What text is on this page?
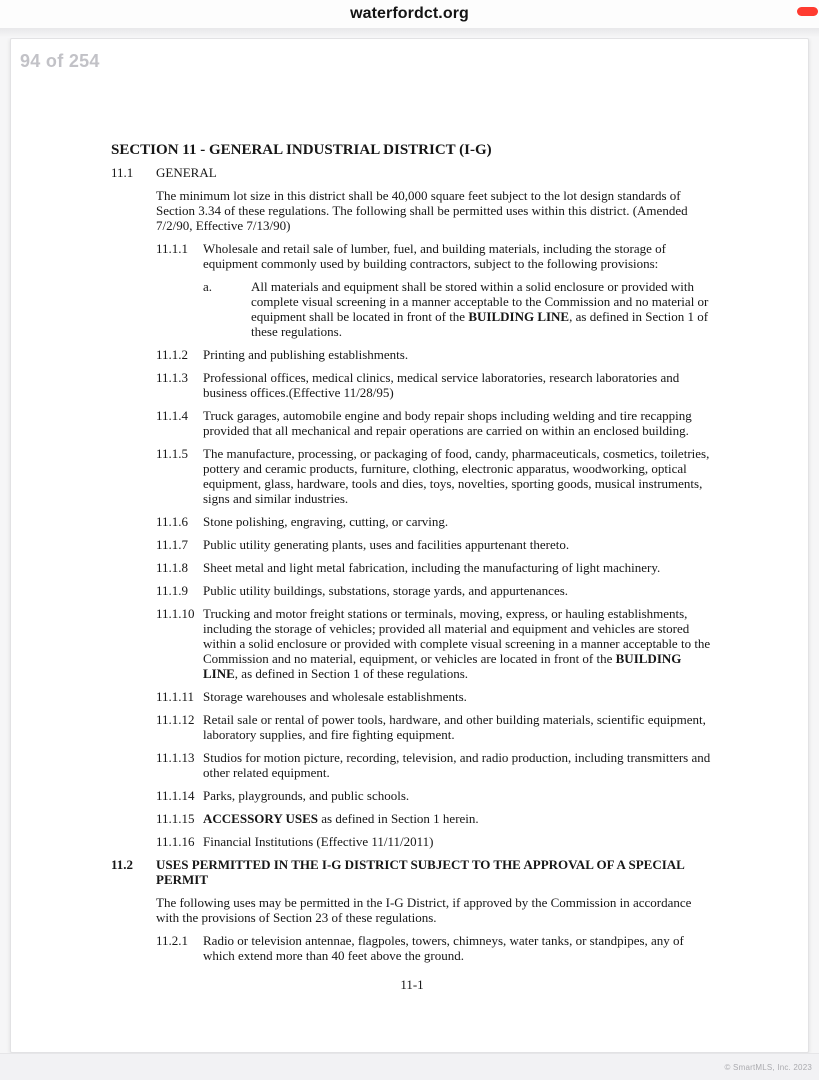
waterfordct.org
94 of 254
SECTION 11 - GENERAL INDUSTRIAL DISTRICT (I-G)
11.1	GENERAL
The minimum lot size in this district shall be 40,000 square feet subject to the lot design standards of Section 3.34 of these regulations. The following shall be permitted uses within this district. (Amended 7/2/90, Effective 7/13/90)
11.1.1	Wholesale and retail sale of lumber, fuel, and building materials, including the storage of equipment commonly used by building contractors, subject to the following provisions:
a.	All materials and equipment shall be stored within a solid enclosure or provided with complete visual screening in a manner acceptable to the Commission and no material or equipment shall be located in front of the BUILDING LINE, as defined in Section 1 of these regulations.
11.1.2	Printing and publishing establishments.
11.1.3	Professional offices, medical clinics, medical service laboratories, research laboratories and business offices.(Effective 11/28/95)
11.1.4	Truck garages, automobile engine and body repair shops including welding and tire recapping provided that all mechanical and repair operations are carried on within an enclosed building.
11.1.5	The manufacture, processing, or packaging of food, candy, pharmaceuticals, cosmetics, toiletries, pottery and ceramic products, furniture, clothing, electronic apparatus, woodworking, optical equipment, glass, hardware, tools and dies, toys, novelties, sporting goods, musical instruments, signs and similar industries.
11.1.6	Stone polishing, engraving, cutting, or carving.
11.1.7	Public utility generating plants, uses and facilities appurtenant thereto.
11.1.8	Sheet metal and light metal fabrication, including the manufacturing of light machinery.
11.1.9	Public utility buildings, substations, storage yards, and appurtenances.
11.1.10 Trucking and motor freight stations or terminals, moving, express, or hauling establishments, including the storage of vehicles; provided all material and equipment and vehicles are stored within a solid enclosure or provided with complete visual screening in a manner acceptable to the Commission and no material, equipment, or vehicles are located in front of the BUILDING LINE, as defined in Section 1 of these regulations.
11.1.11 Storage warehouses and wholesale establishments.
11.1.12 Retail sale or rental of power tools, hardware, and other building materials, scientific equipment, laboratory supplies, and fire fighting equipment.
11.1.13 Studios for motion picture, recording, television, and radio production, including transmitters and other related equipment.
11.1.14 Parks, playgrounds, and public schools.
11.1.15 ACCESSORY USES as defined in Section 1 herein.
11.1.16 Financial Institutions (Effective 11/11/2011)
11.2	USES PERMITTED IN THE I-G DISTRICT SUBJECT TO THE APPROVAL OF A SPECIAL PERMIT
The following uses may be permitted in the I-G District, if approved by the Commission in accordance with the provisions of Section 23 of these regulations.
11.2.1	Radio or television antennae, flagpoles, towers, chimneys, water tanks, or standpipes, any of which extend more than 40 feet above the ground.
11-1
© SmartMLS, Inc. 2023
